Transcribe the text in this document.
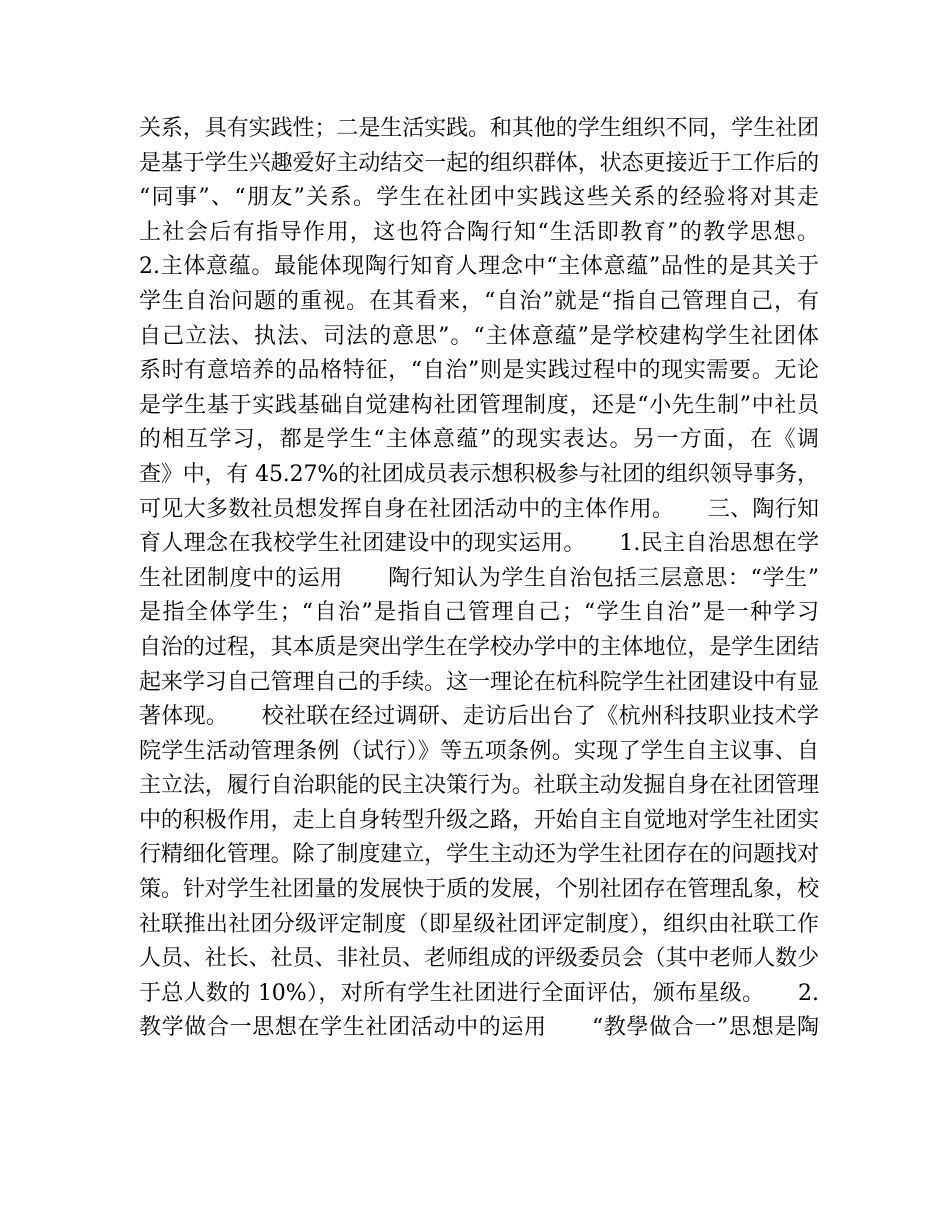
关系，具有实践性；二是生活实践。和其他的学生组织不同，学生社团
是基于学生兴趣爱好主动结交一起的组织群体，状态更接近于工作后的
“同事”、“朋友”关系。学生在社团中实践这些关系的经验将对其走
上社会后有指导作用，这也符合陶行知“生活即教育”的教学思想。
2.主体意蕴。最能体现陶行知育人理念中“主体意蕴”品性的是其关于
学生自治问题的重视。在其看来，“自治”就是“指自己管理自己，有
自己立法、执法、司法的意思”。“主体意蕴”是学校建构学生社团体
系时有意培养的品格特征，“自治”则是实践过程中的现实需要。无论
是学生基于实践基础自觉建构社团管理制度，还是“小先生制”中社员
的相互学习，都是学生“主体意蕴”的现实表达。另一方面，在《调
查》中，有 45.27%的社团成员表示想积极参与社团的组织领导事务，
可见大多数社员想发挥自身在社团活动中的主体作用。　　三、陶行知
育人理念在我校学生社团建设中的现实运用。　　1.民主自治思想在学
生社团制度中的运用　　陶行知认为学生自治包括三层意思：“学生”
是指全体学生；“自治”是指自己管理自己；“学生自治”是一种学习
自治的过程，其本质是突出学生在学校办学中的主体地位，是学生团结
起来学习自己管理自己的手续。这一理论在杭科院学生社团建设中有显
著体现。　　校社联在经过调研、走访后出台了《杭州科技职业技术学
院学生活动管理条例（试行）》等五项条例。实现了学生自主议事、自
主立法，履行自治职能的民主决策行为。社联主动发掘自身在社团管理
中的积极作用，走上自身转型升级之路，开始自主自觉地对学生社团实
行精细化管理。除了制度建立，学生主动还为学生社团存在的问题找对
策。针对学生社团量的发展快于质的发展，个别社团存在管理乱象，校
社联推出社团分级评定制度（即星级社团评定制度），组织由社联工作
人员、社长、社员、非社员、老师组成的评级委员会（其中老师人数少
于总人数的 10%），对所有学生社团进行全面评估，颁布星级。　　2.
教学做合一思想在学生社团活动中的运用　　“教學做合一”思想是陶
